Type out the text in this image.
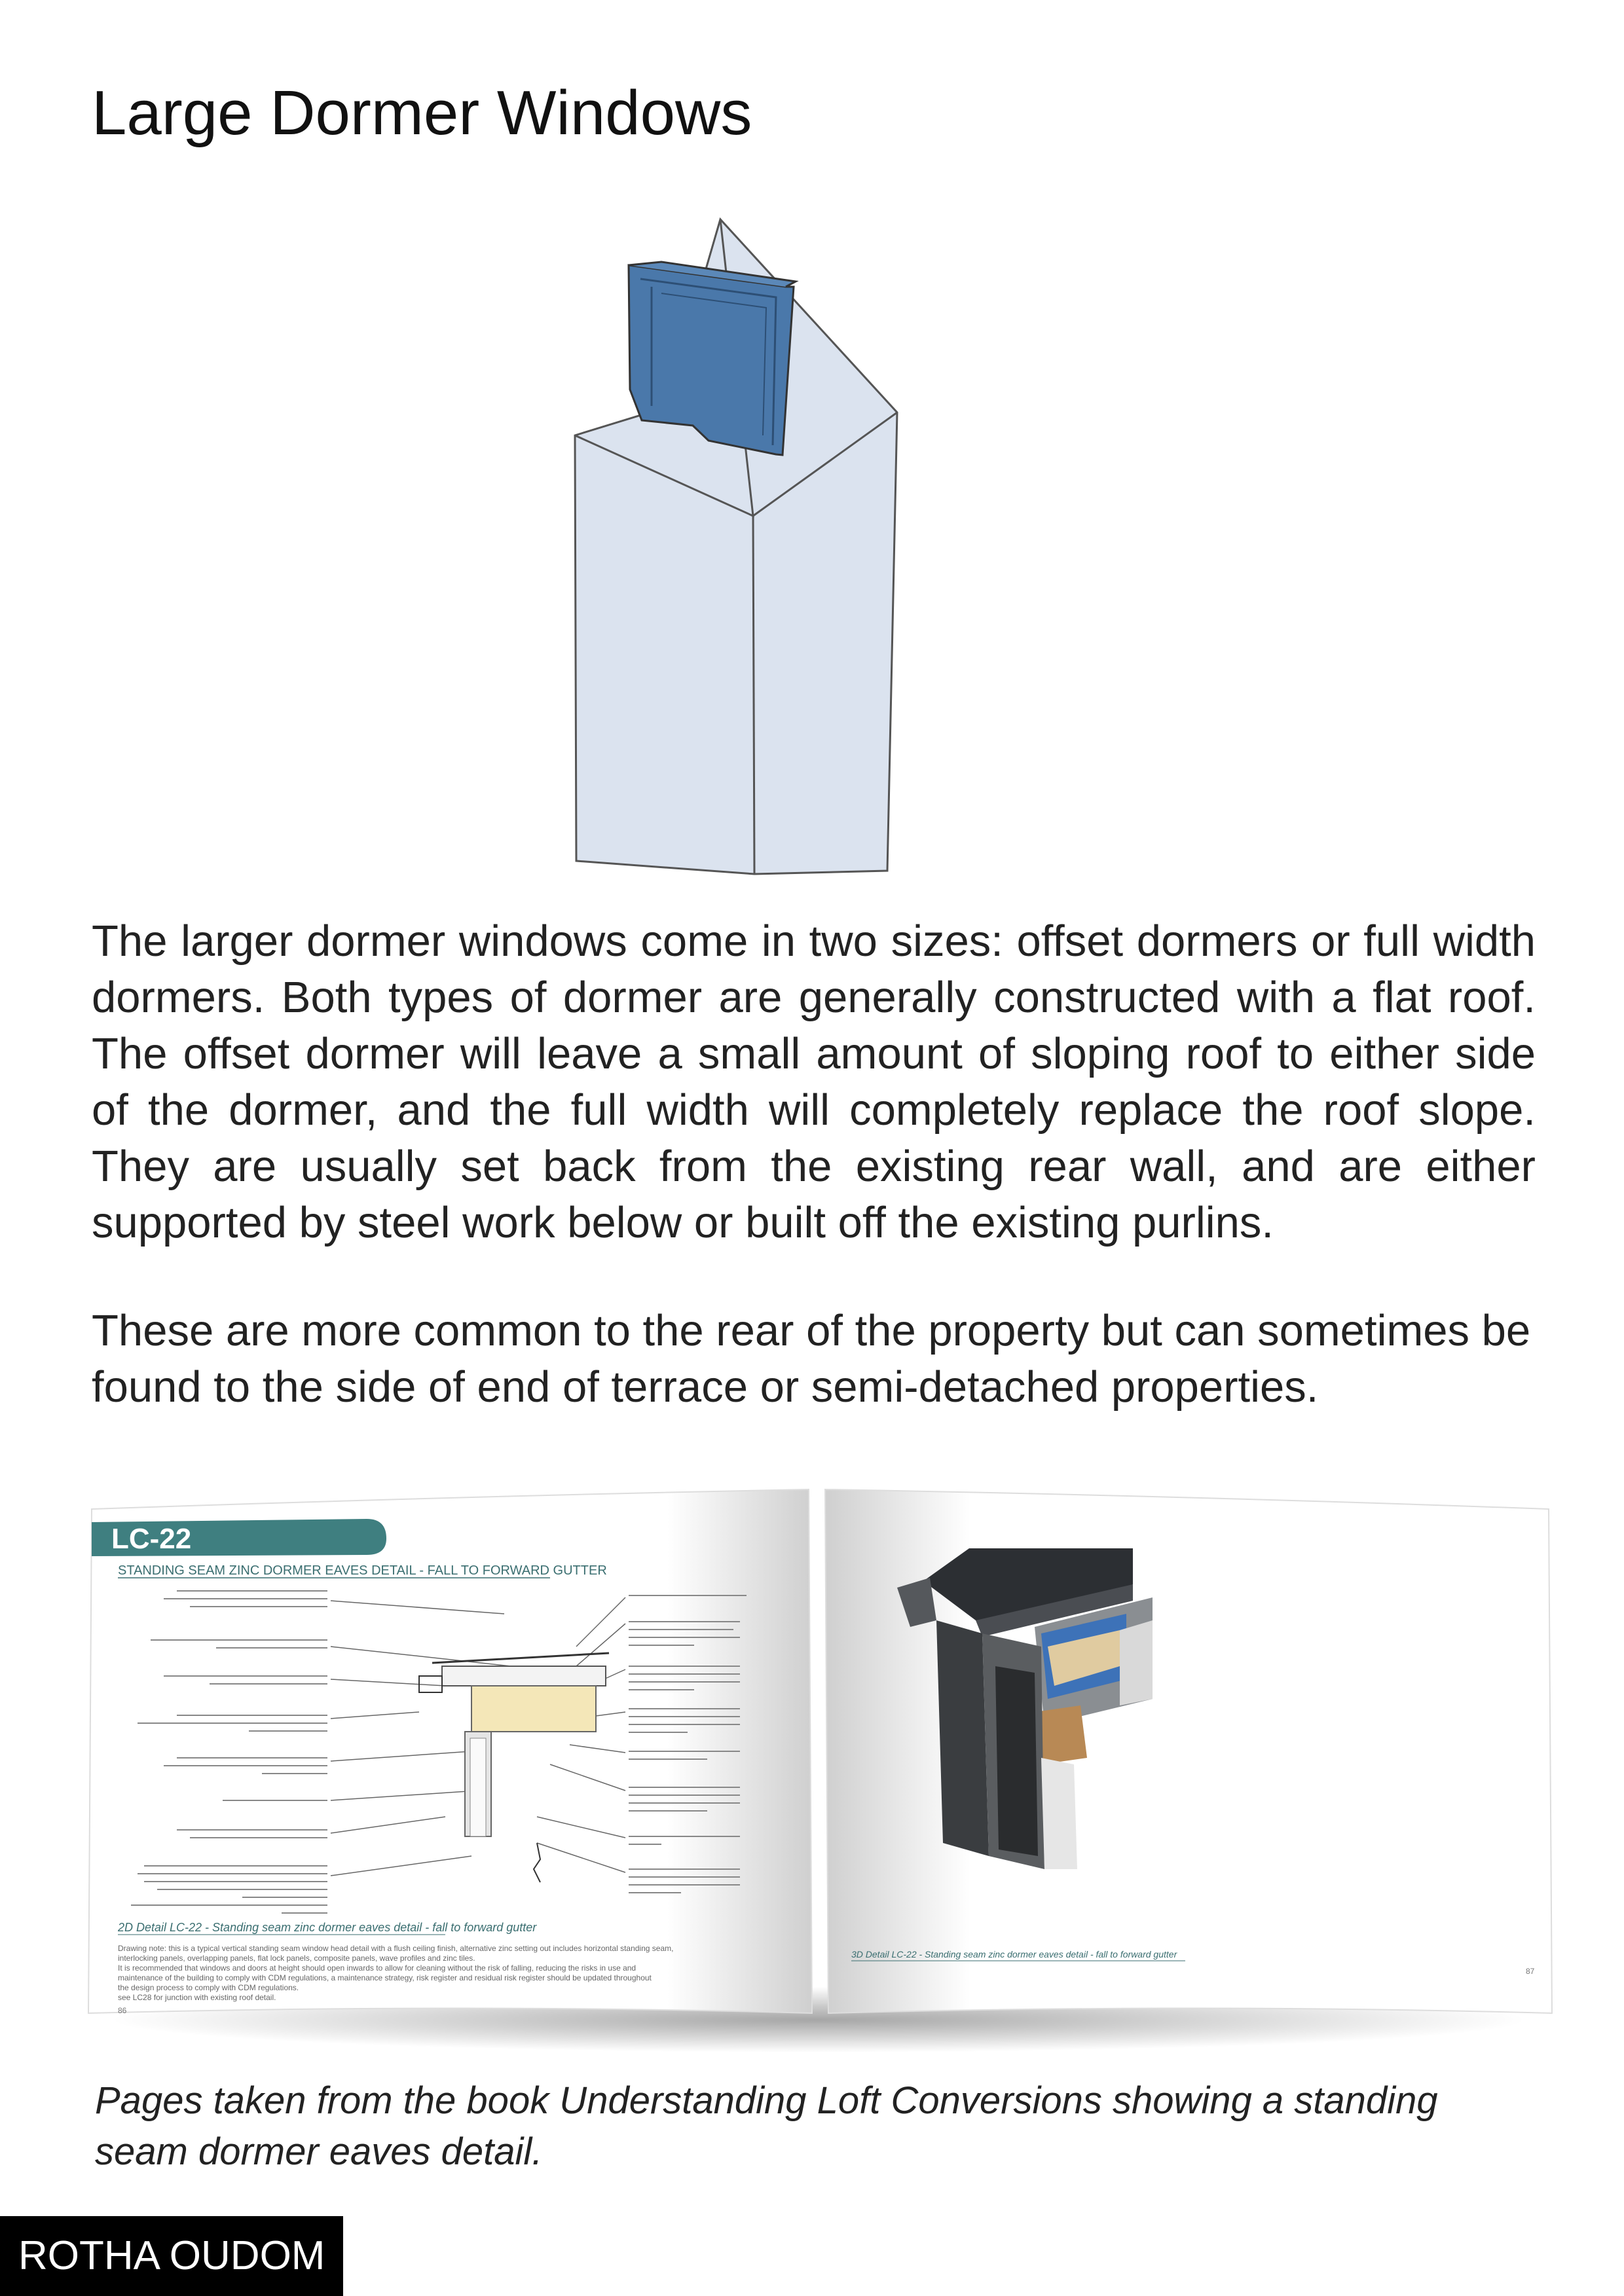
Large Dormer Windows
The larger dormer windows come in two sizes: offset dormers or full width dormers. Both types of dormer are generally constructed with a flat roof. The offset dormer will leave a small amount of sloping roof to either side of the dormer, and the full width will completely replace the roof slope. They are usually set back from the existing rear wall, and are either supported by steel work below or built off the existing purlins.
These are more common to the rear of the property but can sometimes be found to the side of end of terrace or semi-detached properties.
LC-22
STANDING SEAM ZINC DORMER EAVES DETAIL - FALL TO FORWARD GUTTER
2D Detail LC-22 - Standing seam zinc dormer eaves detail - fall to forward gutter
Drawing note: this is a typical vertical standing seam window head detail with a flush ceiling finish, alternative zinc setting out includes horizontal standing seam,
interlocking panels, overlapping panels, flat lock panels, composite panels, wave profiles and zinc tiles.
It is recommended that windows and doors at height should open inwards to allow for cleaning without the risk of falling, reducing the risks in use and
maintenance of the building to comply with CDM regulations, a maintenance strategy, risk register and residual risk register should be updated throughout
the design process to comply with CDM regulations.
see LC28 for junction with existing roof detail.
86
3D Detail LC-22 - Standing seam zinc dormer eaves detail - fall to forward gutter
87
Pages taken from the book Understanding Loft Conversions showing a standing seam dormer eaves detail.
ROTHA OUDOM
